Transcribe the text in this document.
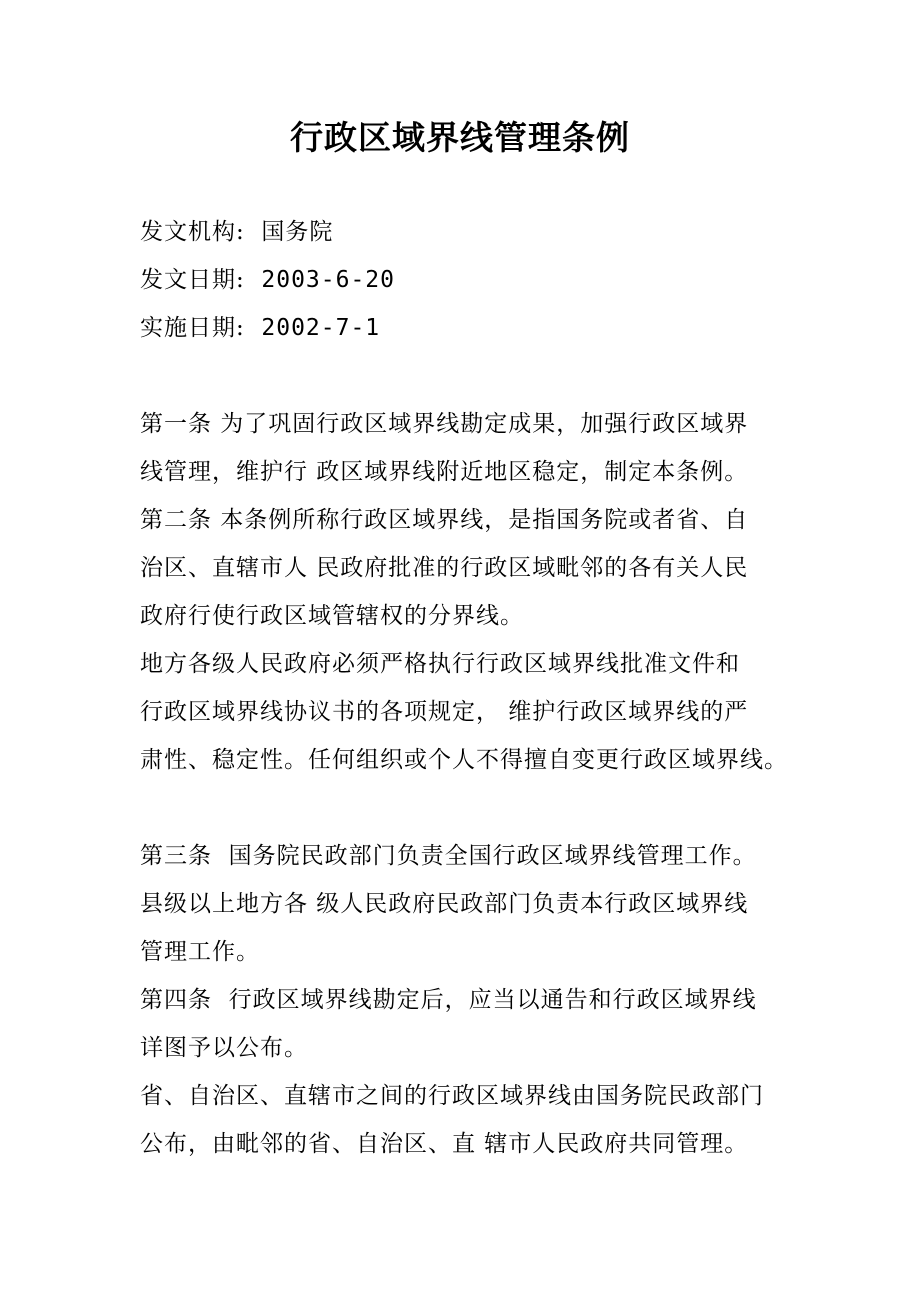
行政区域界线管理条例
发文机构: 国务院
发文日期: 2003-6-20
实施日期: 2002-7-1
第一条 为了巩固行政区域界线勘定成果，加强行政区域界
线管理，维护行 政区域界线附近地区稳定，制定本条例。
第二条 本条例所称行政区域界线，是指国务院或者省、自
治区、直辖市人 民政府批准的行政区域毗邻的各有关人民
政府行使行政区域管辖权的分界线。
地方各级人民政府必须严格执行行政区域界线批准文件和
行政区域界线协议书的各项规定， 维护行政区域界线的严
肃性、稳定性。任何组织或个人不得擅自变更行政区域界线。
第三条  国务院民政部门负责全国行政区域界线管理工作。
县级以上地方各 级人民政府民政部门负责本行政区域界线
管理工作。
第四条  行政区域界线勘定后，应当以通告和行政区域界线
详图予以公布。
省、自治区、直辖市之间的行政区域界线由国务院民政部门
公布，由毗邻的省、自治区、直 辖市人民政府共同管理。
